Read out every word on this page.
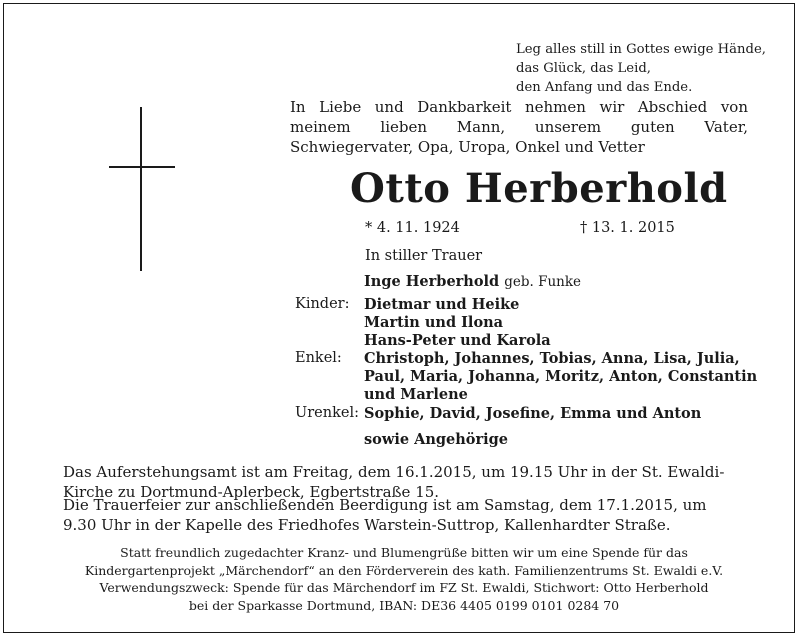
Leg alles still in Gottes ewige Hände,
das Glück, das Leid,
den Anfang und das Ende.
In Liebe und Dankbarkeit nehmen wir Abschied von meinem lieben Mann, unserem guten Vater, Schwiegervater, Opa, Uropa, Onkel und Vetter
Otto Herberhold
* 4. 11. 1924	† 13. 1. 2015
In stiller Trauer
Inge Herberhold geb. Funke
Kinder: Dietmar und Heike
Martin und Ilona
Hans-Peter und Karola
Enkel: Christoph, Johannes, Tobias, Anna, Lisa, Julia,
Paul, Maria, Johanna, Moritz, Anton, Constantin
und Marlene
Urenkel: Sophie, David, Josefine, Emma und Anton
sowie Angehörige
Das Auferstehungsamt ist am Freitag, dem 16.1.2015, um 19.15 Uhr in der St. Ewaldi-Kirche zu Dortmund-Aplerbeck, Egbertstraße 15.
Die Trauerfeier zur anschließenden Beerdigung ist am Samstag, dem 17.1.2015, um 9.30 Uhr in der Kapelle des Friedhofes Warstein-Suttrop, Kallenhardter Straße.
Statt freundlich zugedachter Kranz- und Blumengrüße bitten wir um eine Spende für das
Kindergartenprojekt „Märchendorf“ an den Förderverein des kath. Familienzentrums St. Ewaldi e.V.
Verwendungszweck: Spende für das Märchendorf im FZ St. Ewaldi, Stichwort: Otto Herberhold
bei der Sparkasse Dortmund, IBAN: DE36 4405 0199 0101 0284 70
